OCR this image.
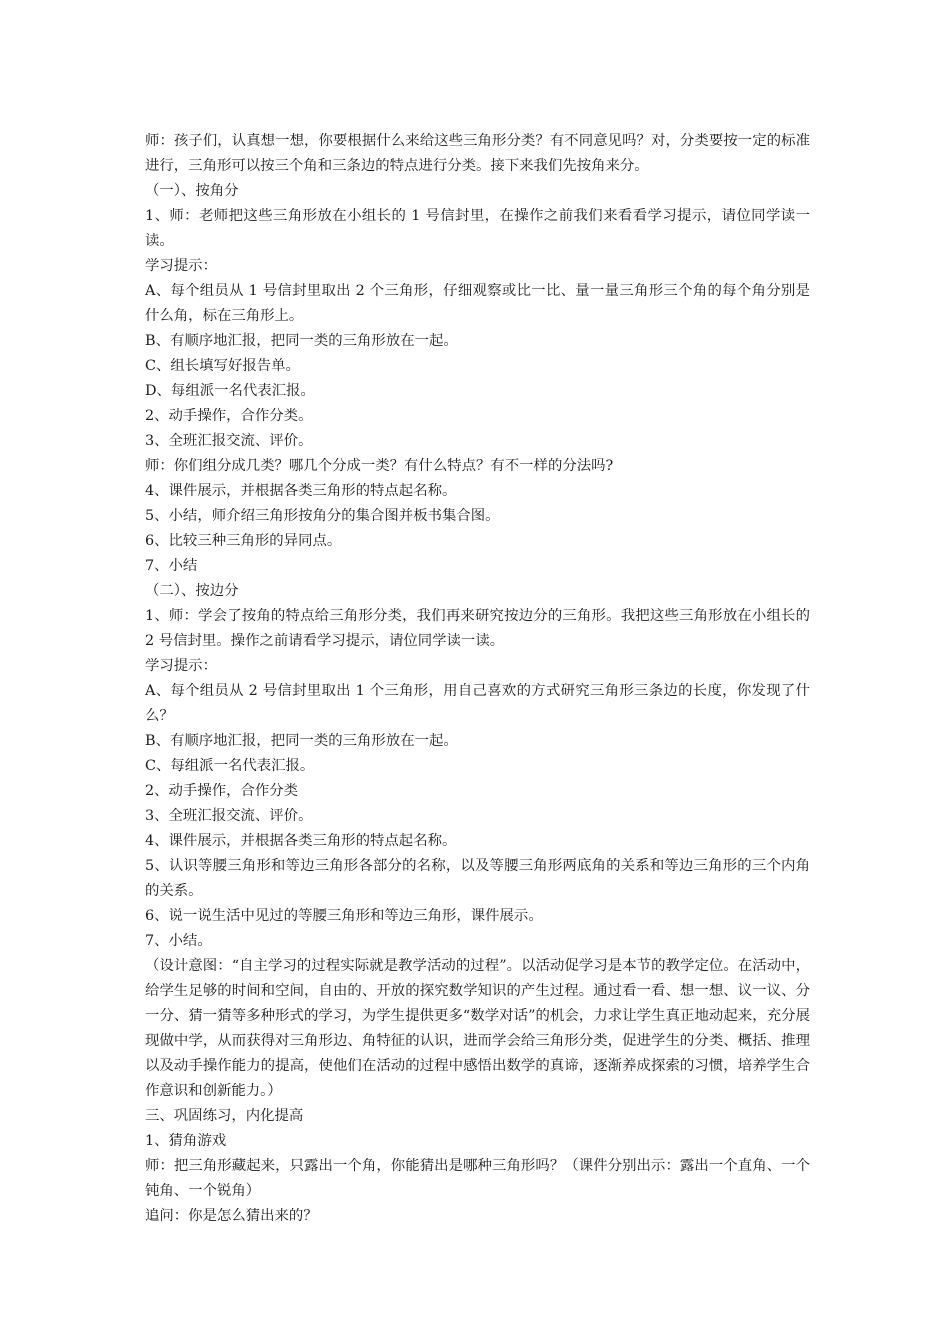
师：孩子们，认真想一想，你要根据什么来给这些三角形分类？有不同意见吗？对，分类要按一定的标准进行，三角形可以按三个角和三条边的特点进行分类。接下来我们先按角来分。

（一）、按角分

1、师：老师把这些三角形放在小组长的 1 号信封里，在操作之前我们来看看学习提示，请位同学读一读。

学习提示：

A、每个组员从 1 号信封里取出 2 个三角形，仔细观察或比一比、量一量三角形三个角的每个角分别是什么角，标在三角形上。

B、有顺序地汇报，把同一类的三角形放在一起。

C、组长填写好报告单。

D、每组派一名代表汇报。

2、动手操作，合作分类。

3、全班汇报交流、评价。

师：你们组分成几类？哪几个分成一类？有什么特点？有不一样的分法吗?

4、课件展示，并根据各类三角形的特点起名称。

5、小结，师介绍三角形按角分的集合图并板书集合图。

6、比较三种三角形的异同点。

7、小结

（二）、按边分

1、师：学会了按角的特点给三角形分类，我们再来研究按边分的三角形。我把这些三角形放在小组长的 2 号信封里。操作之前请看学习提示，请位同学读一读。

学习提示：

A、每个组员从 2 号信封里取出 1 个三角形，用自己喜欢的方式研究三角形三条边的长度，你发现了什么？

B、有顺序地汇报，把同一类的三角形放在一起。

C、每组派一名代表汇报。

2、动手操作，合作分类

3、全班汇报交流、评价。

4、课件展示，并根据各类三角形的特点起名称。

5、认识等腰三角形和等边三角形各部分的名称，以及等腰三角形两底角的关系和等边三角形的三个内角的关系。

6、说一说生活中见过的等腰三角形和等边三角形，课件展示。

7、小结。

（设计意图：“自主学习的过程实际就是教学活动的过程”。以活动促学习是本节的教学定位。在活动中，给学生足够的时间和空间，自由的、开放的探究数学知识的产生过程。通过看一看、想一想、议一议、分一分、猜一猜等多种形式的学习，为学生提供更多“数学对话”的机会，力求让学生真正地动起来，充分展现做中学，从而获得对三角形边、角特征的认识，进而学会给三角形分类，促进学生的分类、概括、推理以及动手操作能力的提高，使他们在活动的过程中感悟出数学的真谛，逐渐养成探索的习惯，培养学生合作意识和创新能力。）

三、巩固练习，内化提高

1、猜角游戏

师：把三角形藏起来，只露出一个角，你能猜出是哪种三角形吗？（课件分别出示：露出一个直角、一个钝角、一个锐角）

追问：你是怎么猜出来的？
